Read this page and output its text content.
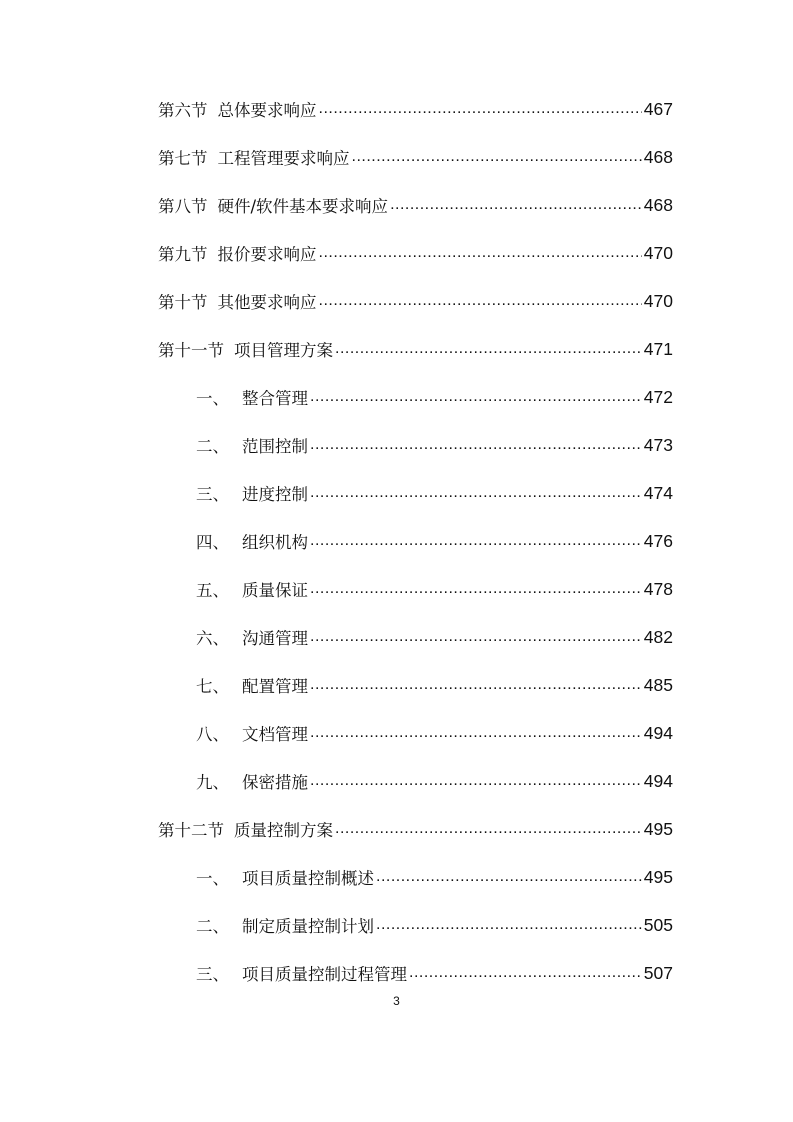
第六节 总体要求响应 .....	467
第七节 工程管理要求响应 .....	468
第八节 硬件/软件基本要求响应 .....	468
第九节 报价要求响应 .....	470
第十节 其他要求响应 .....	470
第十一节 项目管理方案 .....	471
一、 整合管理 .....	472
二、 范围控制 .....	473
三、 进度控制 .....	474
四、 组织机构 .....	476
五、 质量保证 .....	478
六、 沟通管理 .....	482
七、 配置管理 .....	485
八、 文档管理 .....	494
九、 保密措施 .....	494
第十二节 质量控制方案 .....	495
一、 项目质量控制概述 .....	495
二、 制定质量控制计划 .....	505
三、 项目质量控制过程管理 .....	507
3
